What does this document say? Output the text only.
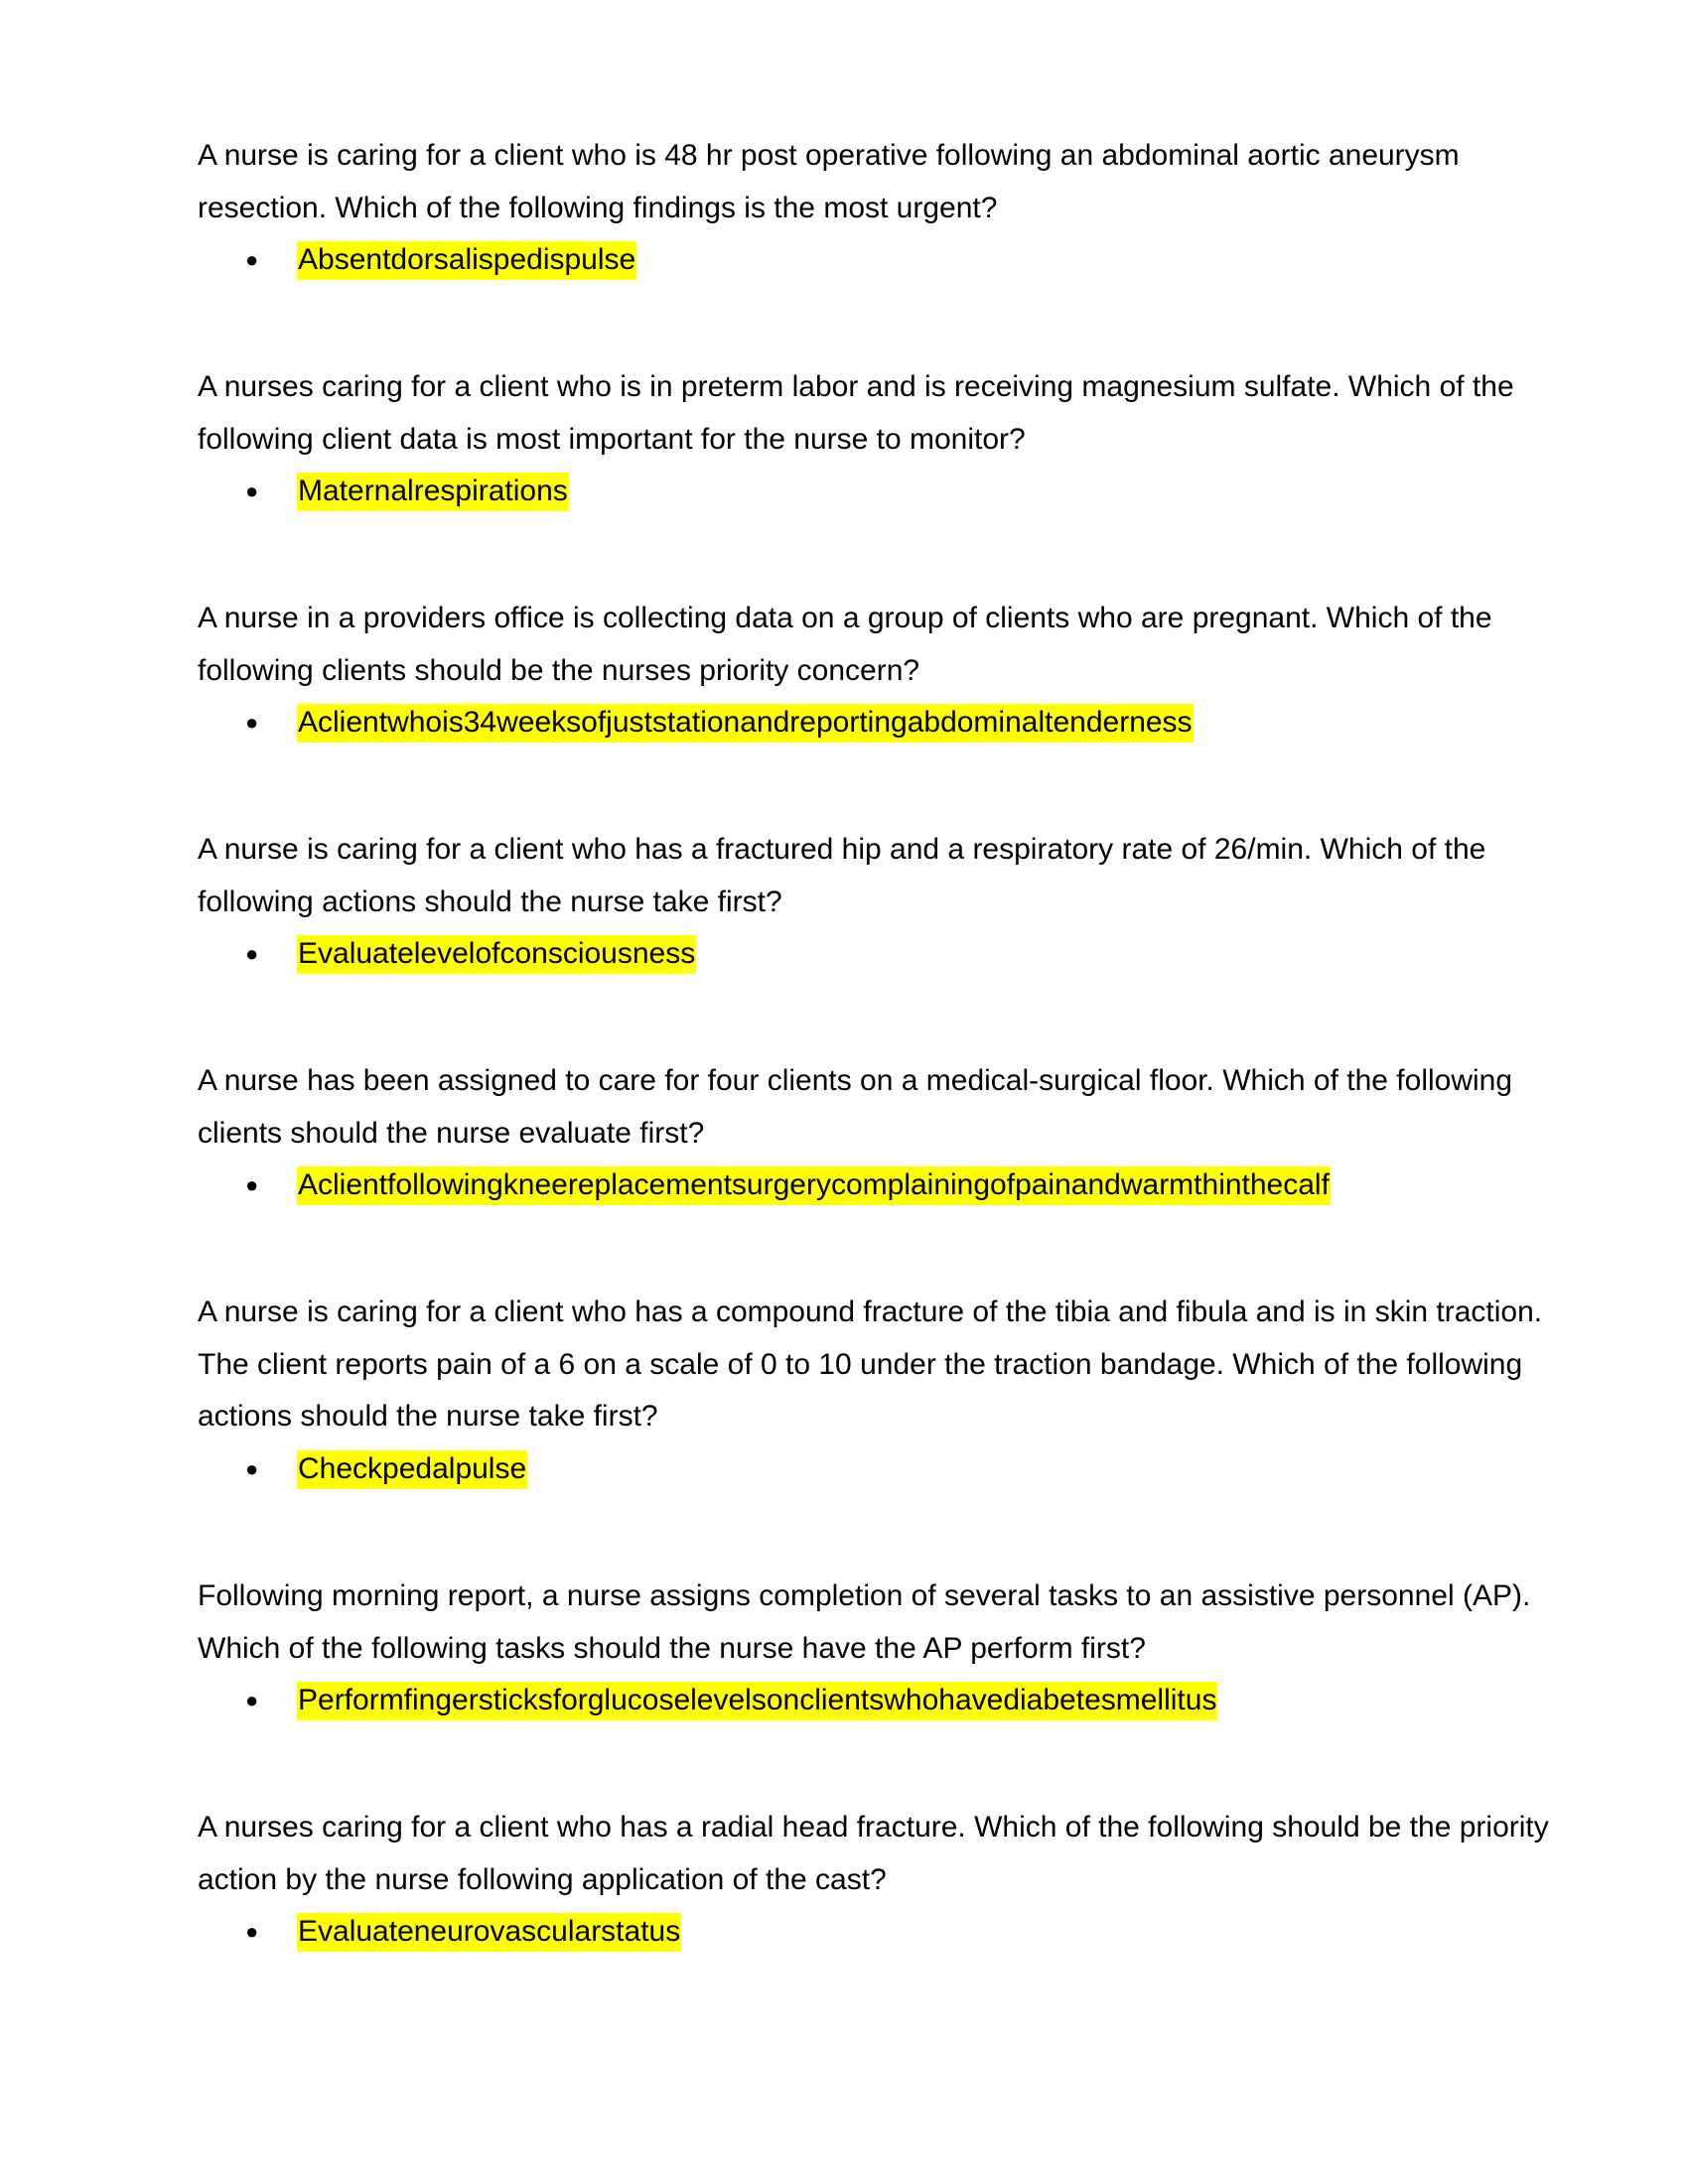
A nurse is caring for a client who is 48 hr post operative following an abdominal aortic aneurysm resection. Which of the following findings is the most urgent?

● Absentdorsalispedispulse

A nurses caring for a client who is in preterm labor and is receiving magnesium sulfate. Which of the following client data is most important for the nurse to monitor?

● Maternalrespirations

A nurse in a providers office is collecting data on a group of clients who are pregnant. Which of the following clients should be the nurses priority concern?

● Aclientwhois34weeksofjuststationandreportingabdominaltenderness

A nurse is caring for a client who has a fractured hip and a respiratory rate of 26/min. Which of the following actions should the nurse take first?

● Evaluatelevelofconsciousness

A nurse has been assigned to care for four clients on a medical-surgical floor. Which of the following clients should the nurse evaluate first?

● Aclientfollowingkneereplacementsurgerycomplainingofpainandwarmthinthecalf

A nurse is caring for a client who has a compound fracture of the tibia and fibula and is in skin traction. The client reports pain of a 6 on a scale of 0 to 10 under the traction bandage. Which of the following actions should the nurse take first?

● Checkpedalpulse

Following morning report, a nurse assigns completion of several tasks to an assistive personnel (AP). Which of the following tasks should the nurse have the AP perform first?

● Performfingersticksforglucoselevelsonclientswhohavediabetesmellitus

A nurses caring for a client who has a radial head fracture. Which of the following should be the priority action by the nurse following application of the cast?

● Evaluateneurovascularstatus
